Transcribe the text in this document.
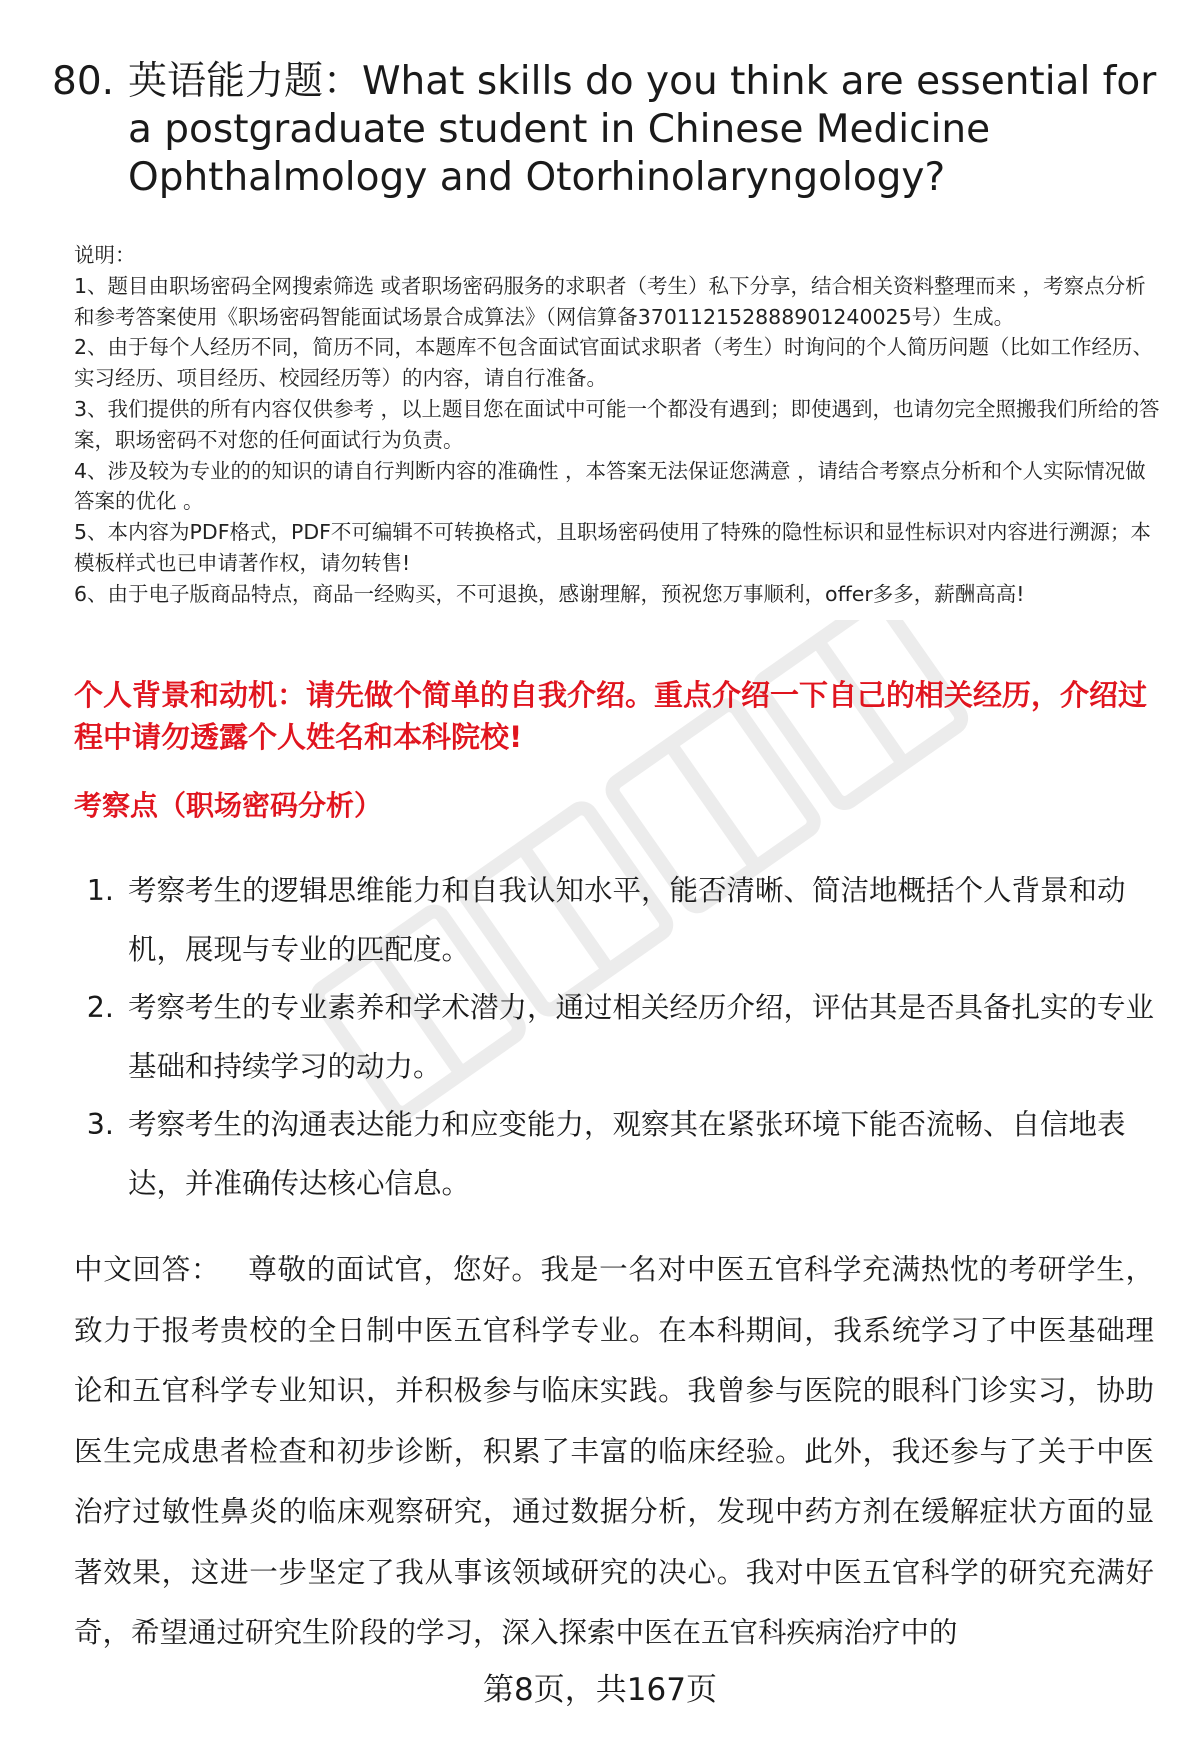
80. 英语能力题：What skills do you think are essential for a postgraduate student in Chinese Medicine Ophthalmology and Otorhinolaryngology?

说明：

1、题目由职场密码全网搜索筛选 或者职场密码服务的求职者（考生）私下分享，结合相关资料整理而来 ，考察点分析和参考答案使用《职场密码智能面试场景合成算法》（网信算备370112152888901240025号）生成。

2、由于每个人经历不同，简历不同，本题库不包含面试官面试求职者（考生）时询问的个人简历问题（比如工作经历、实习经历、项目经历、校园经历等）的内容，请自行准备。

3、我们提供的所有内容仅供参考 ，以上题目您在面试中可能一个都没有遇到；即使遇到，也请勿完全照搬我们所给的答案，职场密码不对您的任何面试行为负责。

4、涉及较为专业的的知识的请自行判断内容的准确性 ，本答案无法保证您满意 ，请结合考察点分析和个人实际情况做答案的优化 。

5、本内容为PDF格式，PDF不可编辑不可转换格式，且职场密码使用了特殊的隐性标识和显性标识对内容进行溯源；本模板样式也已申请著作权，请勿转售!

6、由于电子版商品特点，商品一经购买，不可退换，感谢理解，预祝您万事顺利，offer多多，薪酬高高!

个人背景和动机：请先做个简单的自我介绍。重点介绍一下自己的相关经历，介绍过程中请勿透露个人姓名和本科院校!
考察点（职场密码分析）
1. 考察考生的逻辑思维能力和自我认知水平，能否清晰、简洁地概括个人背景和动机，展现与专业的匹配度。
2. 考察考生的专业素养和学术潜力，通过相关经历介绍，评估其是否具备扎实的专业基础和持续学习的动力。
3. 考察考生的沟通表达能力和应变能力，观察其在紧张环境下能否流畅、自信地表达，并准确传达核心信息。
中文回答： 尊敬的面试官，您好。我是一名对中医五官科学充满热忱的考研学生，致力于报考贵校的全日制中医五官科学专业。在本科期间，我系统学习了中医基础理论和五官科学专业知识，并积极参与临床实践。我曾参与医院的眼科门诊实习，协助医生完成患者检查和初步诊断，积累了丰富的临床经验。此外，我还参与了关于中医治疗过敏性鼻炎的临床观察研究，通过数据分析，发现中药方剂在缓解症状方面的显著效果，这进一步坚定了我从事该领域研究的决心。我对中医五官科学的研究充满好奇，希望通过研究生阶段的学习，深入探索中医在五官科疾病治疗中的
第8页，共167页
